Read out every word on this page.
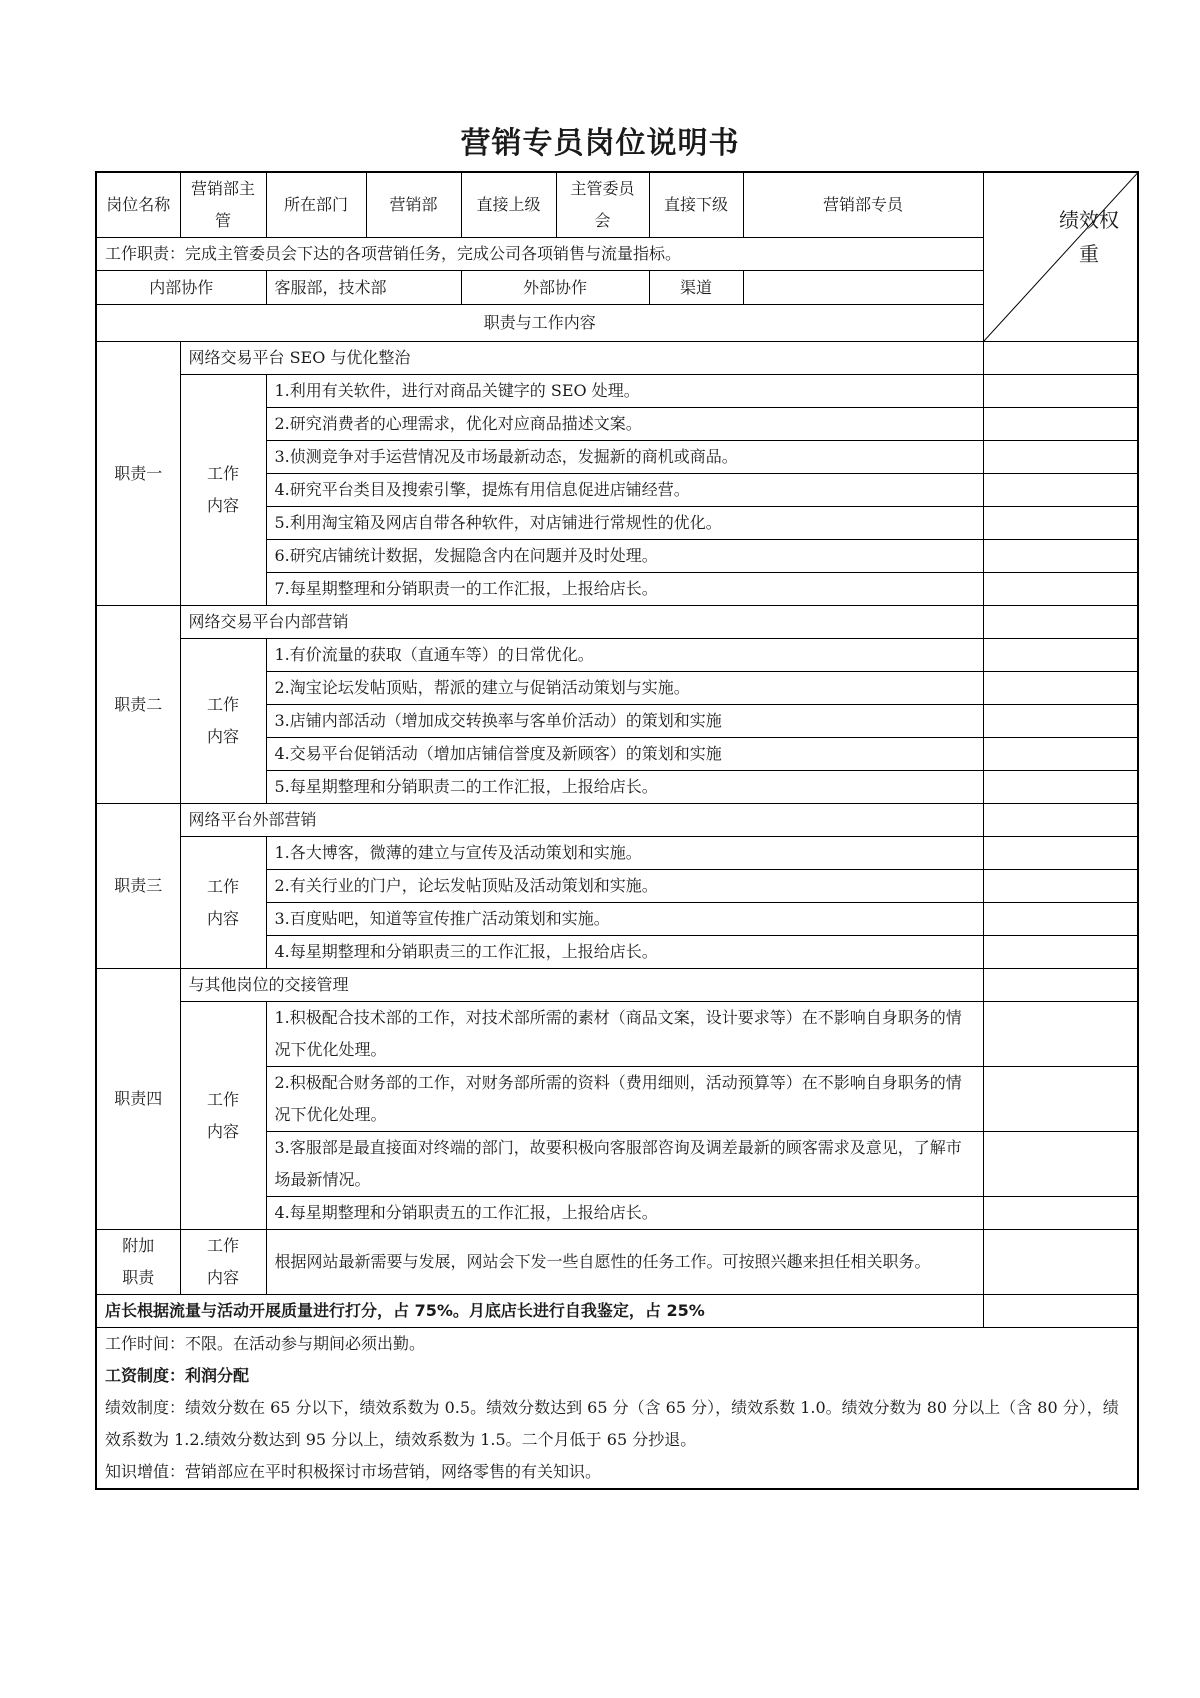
营销专员岗位说明书
岗位名称	营销部主管	所在部门	营销部	直接上级	主管委员会	直接下级	营销部专员	绩效权重

工作职责：完成主管委员会下达的各项营销任务，完成公司各项销售与流量指标。								
内部协作		客服部，技术部		外部协作		渠道		
职责与工作内容								
职责一	网络交易平台 SEO 与优化整治							
	工作内容	1.利用有关软件，进行对商品关键字的 SEO 处理。						
		2.研究消费者的心理需求，优化对应商品描述文案。						
		3.侦测竞争对手运营情况及市场最新动态，发掘新的商机或商品。						
		4.研究平台类目及搜索引擎，提炼有用信息促进店铺经营。						
		5.利用淘宝箱及网店自带各种软件，对店铺进行常规性的优化。						
		6.研究店铺统计数据，发掘隐含内在问题并及时处理。						
		7.每星期整理和分销职责一的工作汇报，上报给店长。						
职责二	网络交易平台内部营销							
	工作内容	1.有价流量的获取（直通车等）的日常优化。						
		2.淘宝论坛发帖顶贴，帮派的建立与促销活动策划与实施。						
		3.店铺内部活动（增加成交转换率与客单价活动）的策划和实施						
		4.交易平台促销活动（增加店铺信誉度及新顾客）的策划和实施						
		5.每星期整理和分销职责二的工作汇报，上报给店长。						
职责三	网络平台外部营销							
	工作内容	1.各大博客，微薄的建立与宣传及活动策划和实施。						
		2.有关行业的门户，论坛发帖顶贴及活动策划和实施。						
		3.百度贴吧，知道等宣传推广活动策划和实施。						
		4.每星期整理和分销职责三的工作汇报，上报给店长。						
职责四	与其他岗位的交接管理							
	工作内容	1.积极配合技术部的工作，对技术部所需的素材（商品文案，设计要求等）在不影响自身职务的情况下优化处理。						
		2.积极配合财务部的工作，对财务部所需的资料（费用细则，活动预算等）在不影响自身职务的情况下优化处理。						
		3.客服部是最直接面对终端的部门，故要积极向客服部咨询及调差最新的顾客需求及意见，了解市场最新情况。						
		4.每星期整理和分销职责五的工作汇报，上报给店长。						
附加职责	工作内容	根据网站最新需要与发展，网站会下发一些自愿性的任务工作。可按照兴趣来担任相关职务。						
店长根据流量与活动开展质量进行打分，占 75%。月底店长进行自我鉴定，占 25%								

工作时间：不限。在活动参与期间必须出勤。
工资制度：利润分配
绩效制度：绩效分数在 65 分以下，绩效系数为 0.5。绩效分数达到 65 分（含 65 分），绩效系数 1.0。绩效分数为 80 分以上（含 80 分），绩效系数为 1.2.绩效分数达到 95 分以上，绩效系数为 1.5。二个月低于 65 分抄退。
知识增值：营销部应在平时积极探讨市场营销，网络零售的有关知识。								
